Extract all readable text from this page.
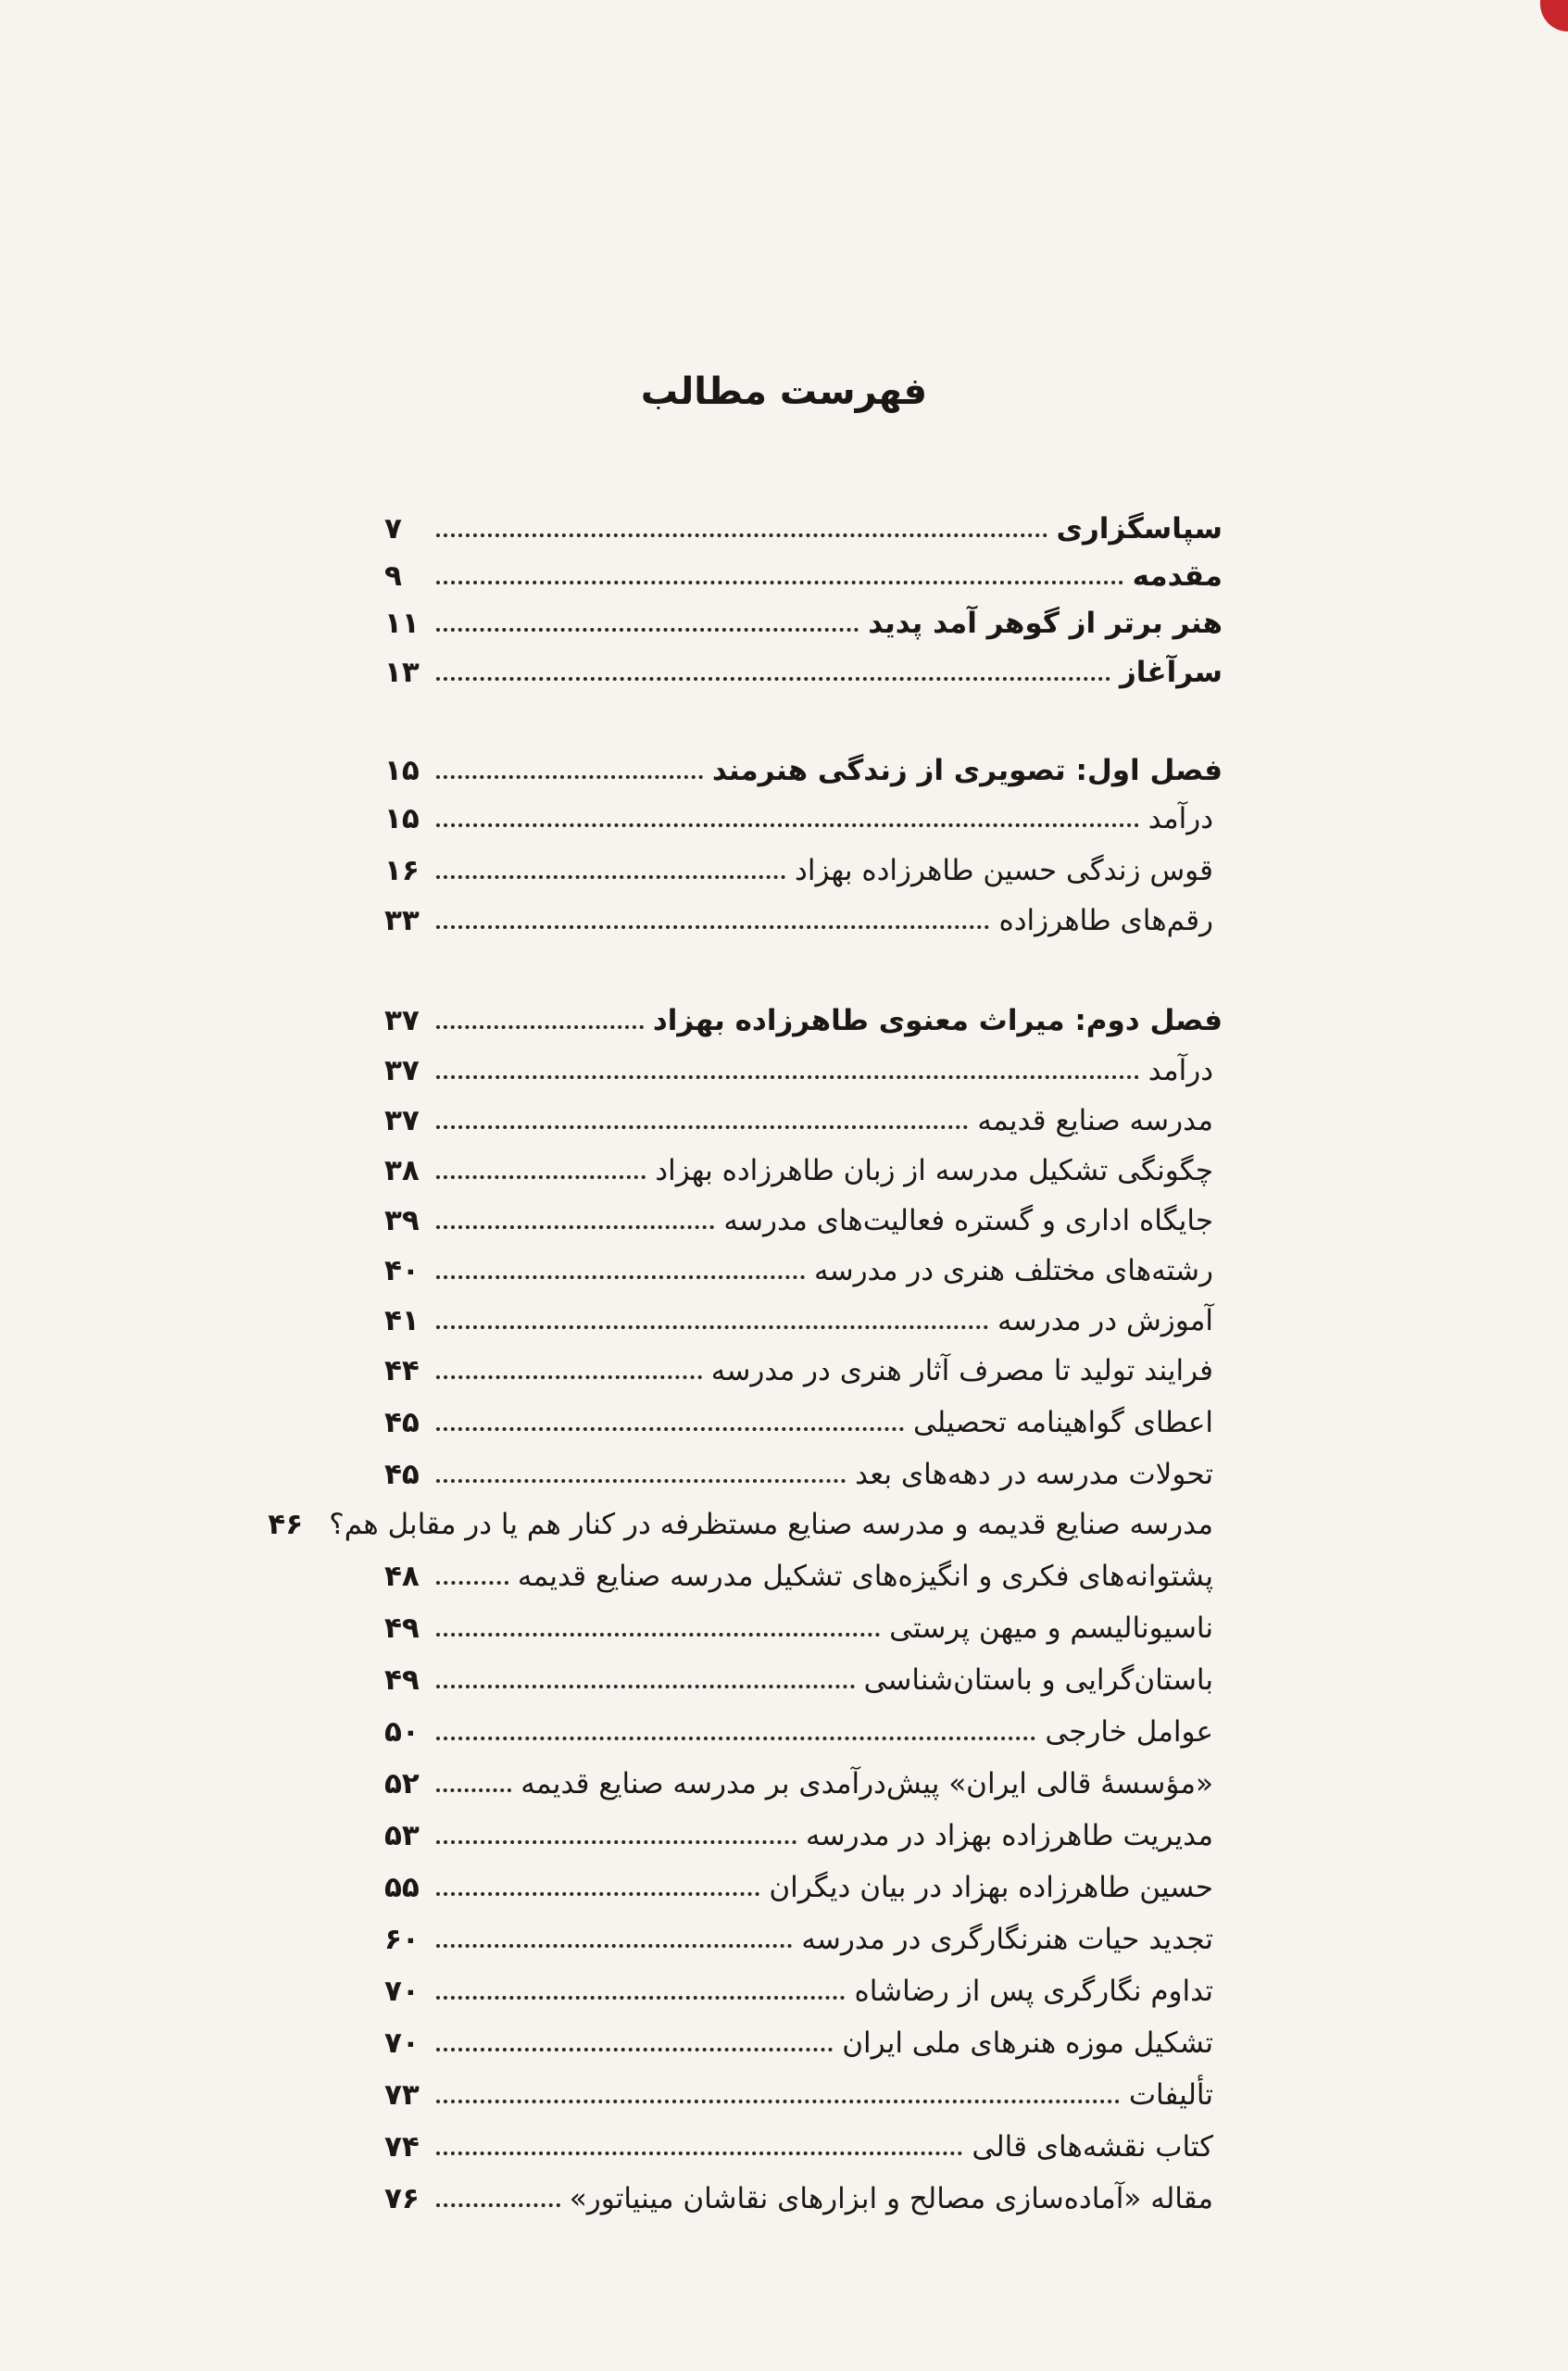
فهرست مطالب
سپاسگزاری
۷
مقدمه
۹
هنر برتر از گوهر آمد پدید
۱۱
سرآغاز
۱۳
فصل اول: تصویری از زندگی هنرمند
۱۵
درآمد
۱۵
قوس زندگی حسین طاهرزاده بهزاد
۱۶
رقم‌های طاهرزاده
۳۳
فصل دوم: میراث معنوی طاهرزاده بهزاد
۳۷
درآمد
۳۷
مدرسه صنایع قدیمه
۳۷
چگونگی تشکیل مدرسه از زبان طاهرزاده بهزاد
۳۸
جایگاه اداری و گستره فعالیت‌های مدرسه
۳۹
رشته‌های مختلف هنری در مدرسه
۴۰
آموزش در مدرسه
۴۱
فرایند تولید تا مصرف آثار هنری در مدرسه
۴۴
اعطای گواهینامه تحصیلی
۴۵
تحولات مدرسه در دهه‌های بعد
۴۵
مدرسه صنایع قدیمه و مدرسه صنایع مستظرفه در کنار هم یا در مقابل هم؟
۴۶
پشتوانه‌های فکری و انگیزه‌های تشکیل مدرسه صنایع قدیمه
۴۸
ناسیونالیسم و میهن پرستی
۴۹
باستان‌گرایی و باستان‌شناسی
۴۹
عوامل خارجی
۵۰
«مؤسسهٔ قالی ایران» پیش‌درآمدی بر مدرسه صنایع قدیمه
۵۲
مدیریت طاهرزاده بهزاد در مدرسه
۵۳
حسین طاهرزاده بهزاد در بیان دیگران
۵۵
تجدید حیات هنرنگارگری در مدرسه
۶۰
تداوم نگارگری پس از رضاشاه
۷۰
تشکیل موزه هنرهای ملی ایران
۷۰
تألیفات
۷۳
کتاب نقشه‌های قالی
۷۴
مقاله «آماده‌سازی مصالح و ابزارهای نقاشان مینیاتور»
۷۶
